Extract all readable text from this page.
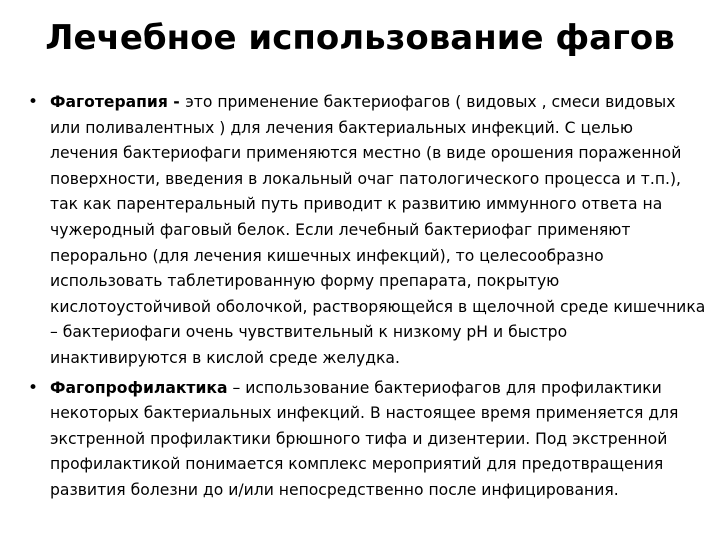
Лечебное использование фагов
• Фаготерапия - это применение бактериофагов ( видовых , смеси видовых или поливалентных ) для лечения бактериальных инфекций. С целью лечения бактериофаги применяются местно (в виде орошения пораженной поверхности, введения в локальный очаг патологического процесса и т.п.), так как парентеральный путь приводит к развитию иммунного ответа на чужеродный фаговый белок. Если лечебный бактериофаг применяют перорально (для лечения кишечных инфекций), то целесообразно использовать таблетированную форму препарата, покрытую кислотоустойчивой оболочкой, растворяющейся в щелочной среде кишечника – бактериофаги очень чувствительный к низкому рН и быстро инактивируются в кислой среде желудка.
• Фагопрофилактика – использование бактериофагов для профилактики некоторых бактериальных инфекций. В настоящее время применяется для экстренной профилактики брюшного тифа и дизентерии. Под экстренной профилактикой понимается комплекс мероприятий для предотвращения развития болезни до и/или непосредственно после инфицирования.
